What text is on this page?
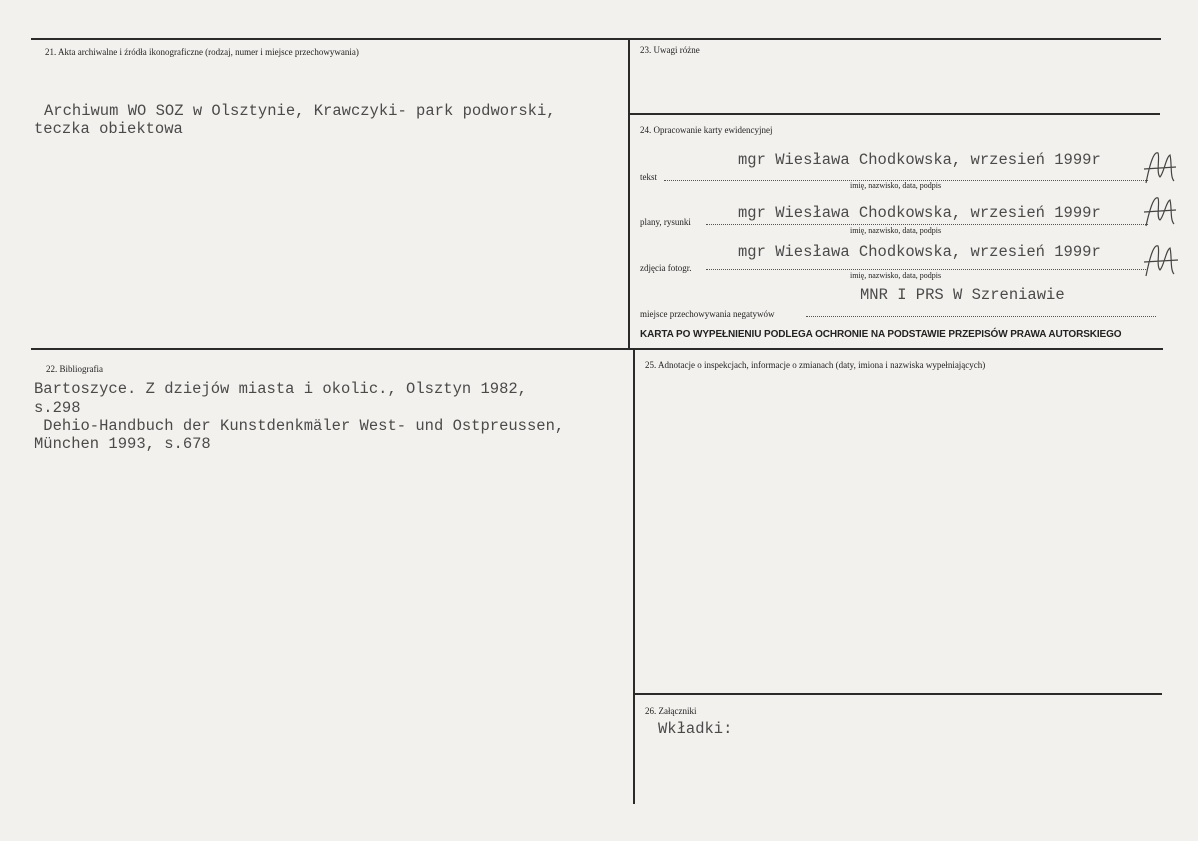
21. Akta archiwalne i źródła ikonograficzne (rodzaj, numer i miejsce przechowywania)
Archiwum WO SOZ w Olsztynie, Krawczyki- park podworski,
teczka obiektowa
22. Bibliografia
Bartoszyce. Z dziejów miasta i okolic., Olsztyn 1982,
s.298
Dehio-Handbuch der Kunstdenkmäler West- und Ostpreussen,
München 1993, s.678
23. Uwagi różne
24. Opracowanie karty ewidencyjnej
mgr Wiesława Chodkowska, wrzesień 1999r
tekst
imię, nazwisko, data, podpis
mgr Wiesława Chodkowska, wrzesień 1999r
plany, rysunki
imię, nazwisko, data, podpis
mgr Wiesława Chodkowska, wrzesień 1999r
zdjęcia fotogr.
imię, nazwisko, data, podpis
MNR I PRS W Szreniawie
miejsce przechowywania negatywów
KARTA PO WYPEŁNIENIU PODLEGA OCHRONIE NA PODSTAWIE PRZEPISÓW PRAWA AUTORSKIEGO
25. Adnotacje o inspekcjach, informacje o zmianach (daty, imiona i nazwiska wypełniających)
26. Załączniki
Wkładki:
